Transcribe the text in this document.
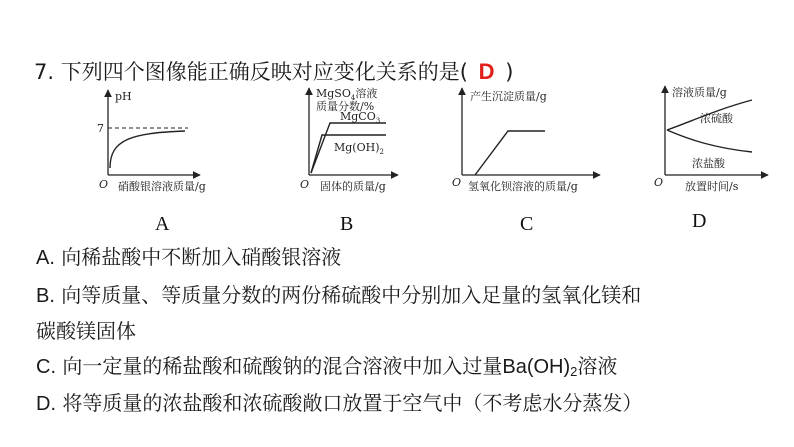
7. 下列四个图像能正确反映对应变化关系的是( D )
pH
7
O 硝酸银溶液质量/g
A
MgSO$_4$溶液
质量分数/%
MgCO$_3$
$Mg(OH)_2$
O 固体的质量/g
B
产生沉淀质量/g
O 氢氧化钡溶液的质量/g
C
溶液质量/g
浓硫酸
浓盐酸
O 放置时间/s
D
A. 向稀盐酸中不断加入硝酸银溶液
B. 向等质量、等质量分数的两份稀硫酸中分别加入足量的氢氧化镁和
碳酸镁固体
C. 向一定量的稀盐酸和硫酸钠的混合溶液中加入过量$Ba(OH)_2$溶液
D. 将等质量的浓盐酸和浓硫酸敞口放置于空气中（不考虑水分蒸发）
